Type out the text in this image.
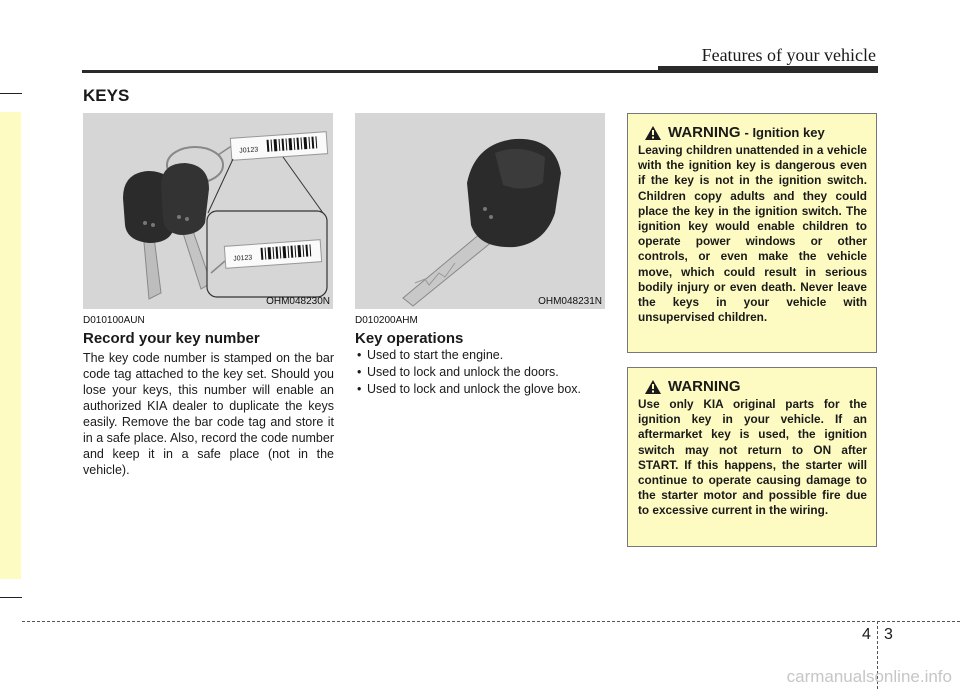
Features of your vehicle
KEYS
J0123
J0123
OHM048230N	OHM048231N
D010100AUN
Record your key number
The key code number is stamped on the bar code tag attached to the key set. Should you lose your keys, this number will enable an authorized KIA dealer to duplicate the keys easily. Remove the bar code tag and store it in a safe place. Also, record the code number and keep it in a safe place (not in the vehicle).
D010200AHM
Key operations
• Used to start the engine.
• Used to lock and unlock the doors.
• Used to lock and unlock the glove box.
WARNING - Ignition key
Leaving children unattended in a vehicle with the ignition key is dangerous even if the key is not in the ignition switch. Children copy adults and they could place the key in the ignition switch. The ignition key would enable children to operate power windows or other controls, or even make the vehicle move, which could result in serious bodily injury or even death. Never leave the keys in your vehicle with unsupervised children.
WARNING
Use only KIA original parts for the ignition key in your vehicle. If an aftermarket key is used, the ignition switch may not return to ON after START. If this happens, the starter will continue to operate causing damage to the starter motor and possible fire due to excessive current in the wiring.
4 3
carmanualsonline.info
